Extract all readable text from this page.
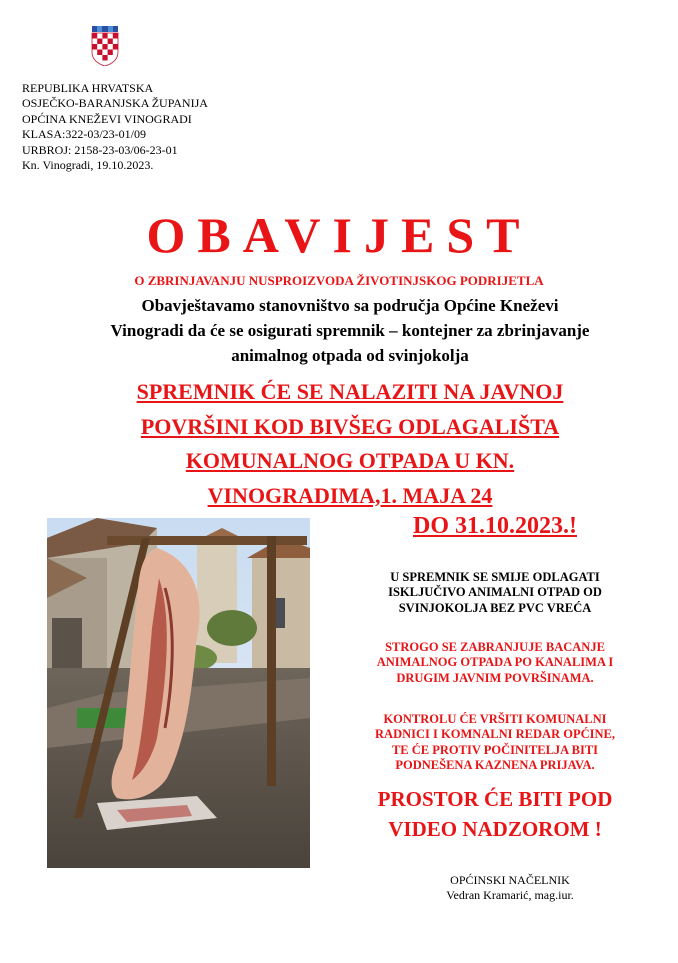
REPUBLIKA HRVATSKA
OSJEČKO-BARANJSKA ŽUPANIJA
OPĆINA KNEŽEVI VINOGRADI
KLASA:322-03/23-01/09
URBROJ: 2158-23-03/06-23-01
Kn. Vinogradi, 19.10.2023.
OBAVIJEST
O ZBRINJAVANJU NUSPROIZVODA ŽIVOTINJSKOG PODRIJETLA
Obavještavamo stanovništvo sa područja Općine Kneževi
Vinogradi da će se osigurati spremnik – kontejner za zbrinjavanje
animalnog otpada od svinjokolja
SPREMNIK ĆE SE NALAZITI NA JAVNOJ
POVRŠINI KOD BIVŠEG ODLAGALIŠTA
KOMUNALNOG OTPADA U KN.
VINOGRADIMA,1. MAJA 24
DO 31.10.2023.!
U SPREMNIK SE SMIJE ODLAGATI
ISKLJUČIVO ANIMALNI OTPAD OD
SVINJOKOLJA BEZ PVC VREĆA
STROGO SE ZABRANJUJE BACANJE
ANIMALNOG OTPADA PO KANALIMA I
DRUGIM JAVNIM POVRŠINAMA.
KONTROLU ĆE VRŠITI KOMUNALNI
RADNICI I KOMNALNI REDAR OPĆINE,
TE ĆE PROTIV POČINITELJA BITI
PODNEŠENA KAZNENA PRIJAVA.
PROSTOR ĆE BITI POD
VIDEO NADZOROM !
OPĆINSKI NAČELNIK
Vedran Kramarić, mag.iur.
